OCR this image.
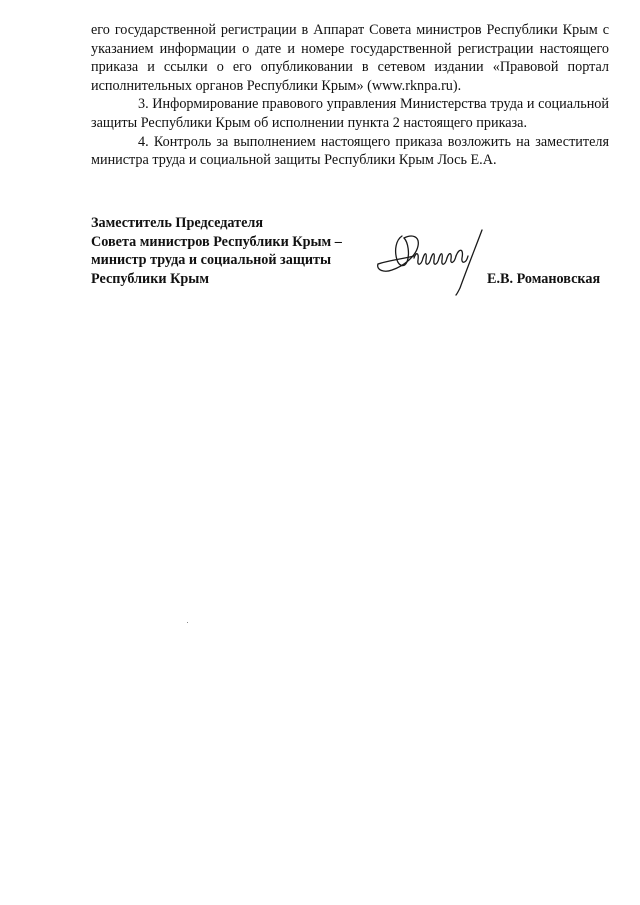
его государственной регистрации в Аппарат Совета министров Республики Крым с указанием информации о дате и номере государственной регистрации настоящего приказа и ссылки о его опубликовании в сетевом издании «Правовой портал исполнительных органов Республики Крым» (www.rknpa.ru).

3. Информирование правового управления Министерства труда и социальной защиты Республики Крым об исполнении пункта 2 настоящего приказа.

4. Контроль за выполнением настоящего приказа возложить на заместителя министра труда и социальной защиты Республики Крым Лось Е.А.

Заместитель Председателя
Совета министров Республики Крым –
министр труда и социальной защиты
Республики Крым	Е.В. Романовская
